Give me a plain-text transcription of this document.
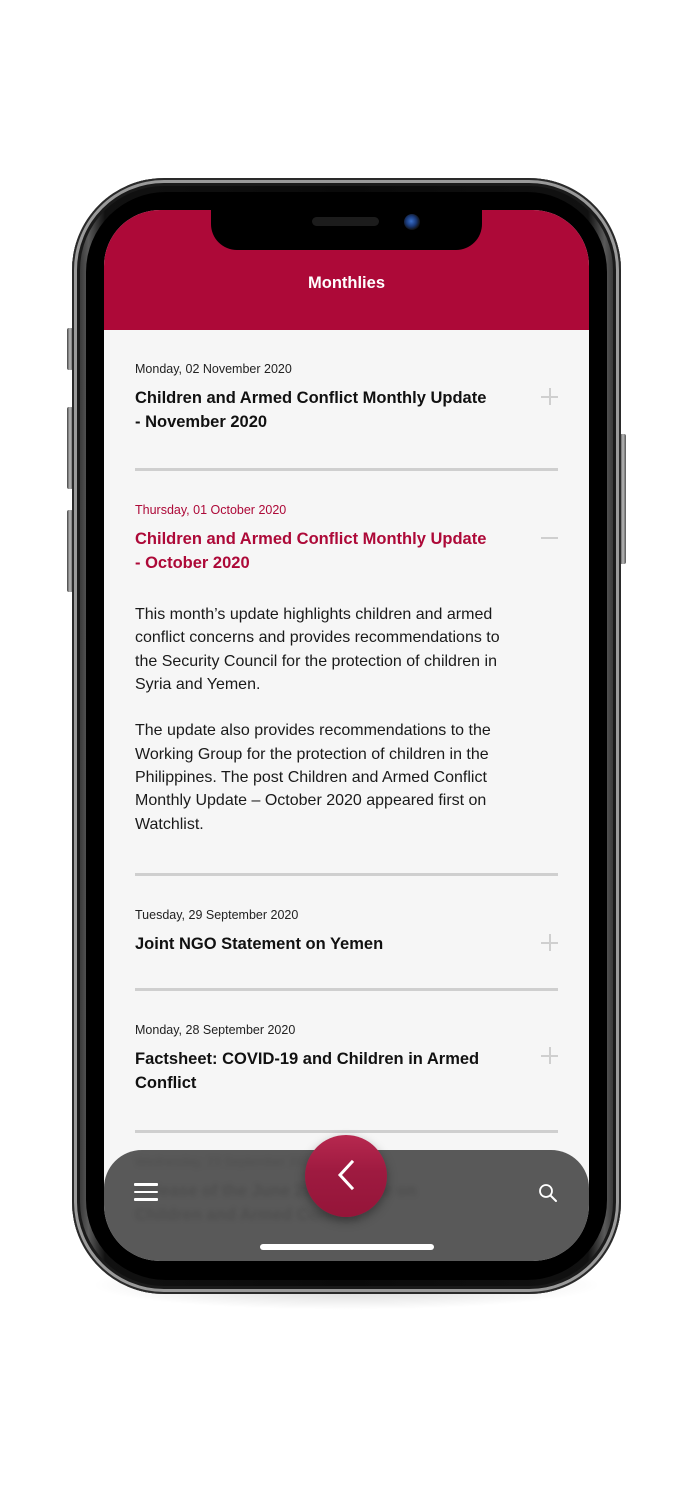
Monthlies
Monday, 02 November 2020
Children and Armed Conflict Monthly Update - November 2020
Thursday, 01 October 2020
Children and Armed Conflict Monthly Update - October 2020

This month’s update highlights children and armed conflict concerns and provides recommendations to the Security Council for the protection of children in Syria and Yemen.

The update also provides recommendations to the Working Group for the protection of children in the Philippines. The post Children and Armed Conflict Monthly Update – October 2020 appeared first on Watchlist.

Tuesday, 29 September 2020
Joint NGO Statement on Yemen
Monday, 28 September 2020
Factsheet: COVID-19 and Children in Armed Conflict
